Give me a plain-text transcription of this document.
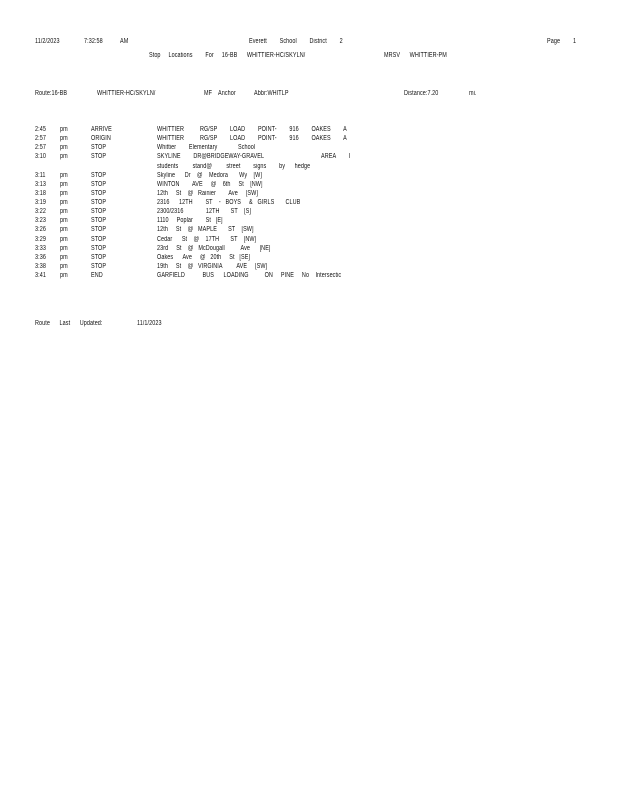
11/2/2023	7:32:58 AM	Everett        School        District        2	Page 1
Stop     Locations        For     16-BB      WHITTIER-HC/SKYLN/	MRSV      WHITTIER-PM
Route:16-BB	WHITTIER-HC/SKYLN/	MF Anchor	Abbr:WHITLP	Distance:7.20	mi.
2:45 pm	ARRIVE	WHITTIER          RG/SP        LOAD        POINT-        916        OAKES        A
2:57 pm	ORIGIN	WHITTIER          RG/SP        LOAD        POINT-        916        OAKES        A
2:57 pm	STOP	Whittier        Elementary             School
3:10 pm	STOP	SKYLINE        DR@BRIDGEWAY-GRAVEL                                    AREA        I
students         stand@         street        signs        by      hedge
3:11 pm	STOP	Skyline      Dr    @    Medora       Wy    [W]
3:13 pm	STOP	WINTON        AVE     @    6th     St    [NW]
3:18 pm	STOP	12th     St    @   Rainier        Ave     [SW]
3:19 pm	STOP	2316      12TH        ST    -   BOYS     &   GIRLS       CLUB
3:22 pm	STOP	2300/2316              12TH       ST    [S]
3:23 pm	STOP	1110     Poplar        St   [E]
3:26 pm	STOP	12th     St    @   MAPLE       ST    [SW]
3:29 pm	STOP	Cedar      St    @    17TH       ST    [NW]
3:33 pm	STOP	23rd     St    @   McDougall          Ave      [NE]
3:36 pm	STOP	Oakes      Ave     @   20th     St   [SE]
3:38 pm	STOP	19th     St    @   VIRGINIA         AVE     [SW]
3:41 pm	END	GARFIELD           BUS      LOADING          ON     PINE     No    Intersectic
Route      Last      Updated:	11/1/2023
